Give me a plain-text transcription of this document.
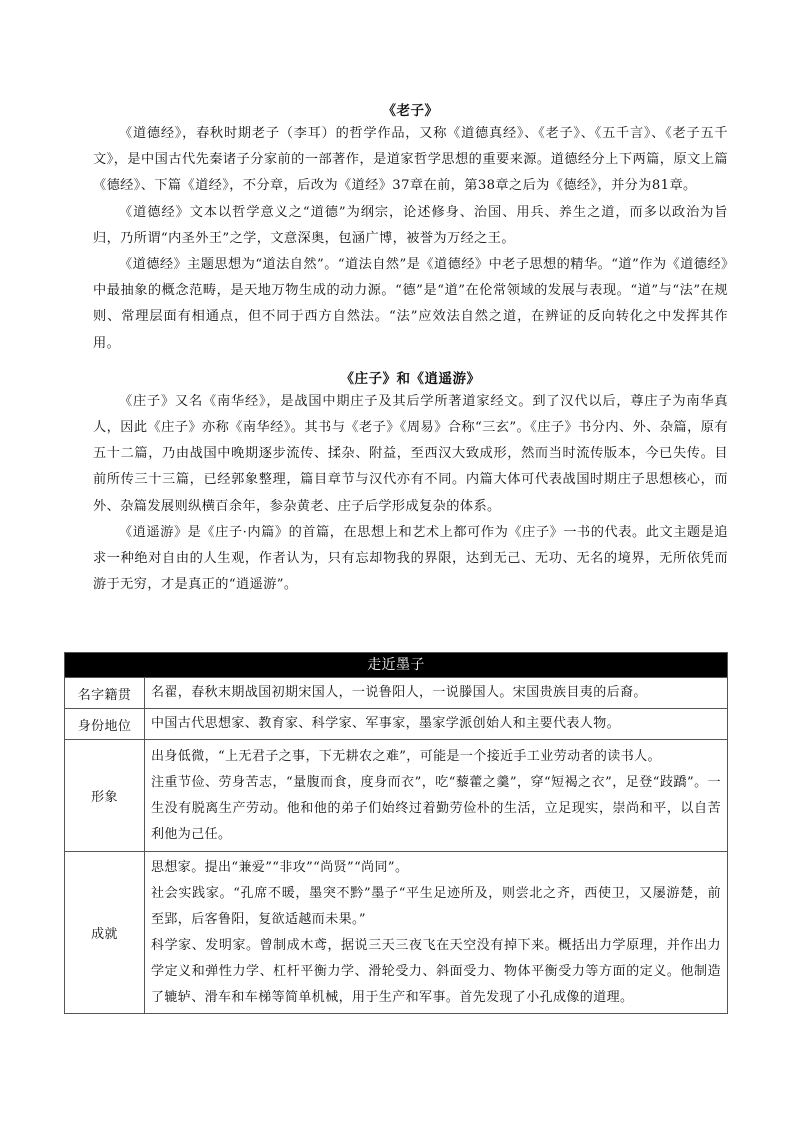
《老子》

《道德经》，春秋时期老子（李耳）的哲学作品，又称《道德真经》、《老子》、《五千言》、《老子五千文》，是中国古代先秦诸子分家前的一部著作，是道家哲学思想的重要来源。道德经分上下两篇，原文上篇《德经》、下篇《道经》，不分章，后改为《道经》37章在前，第38章之后为《德经》，并分为81章。

《道德经》文本以哲学意义之“道德”为纲宗，论述修身、治国、用兵、养生之道，而多以政治为旨归，乃所谓“内圣外王”之学，文意深奥，包涵广博，被誉为万经之王。

《道德经》主题思想为“道法自然”。“道法自然”是《道德经》中老子思想的精华。“道”作为《道德经》中最抽象的概念范畴，是天地万物生成的动力源。“德”是“道”在伦常领域的发展与表现。“道”与“法”在规则、常理层面有相通点，但不同于西方自然法。“法”应效法自然之道，在辨证的反向转化之中发挥其作用。

《庄子》和《逍遥游》

《庄子》又名《南华经》，是战国中期庄子及其后学所著道家经文。到了汉代以后，尊庄子为南华真人，因此《庄子》亦称《南华经》。其书与《老子》《周易》合称“三玄”。《庄子》书分内、外、杂篇，原有五十二篇，乃由战国中晚期逐步流传、揉杂、附益，至西汉大致成形，然而当时流传版本，今已失传。目前所传三十三篇，已经郭象整理，篇目章节与汉代亦有不同。内篇大体可代表战国时期庄子思想核心，而外、杂篇发展则纵横百余年，参杂黄老、庄子后学形成复杂的体系。

《逍遥游》是《庄子·内篇》的首篇，在思想上和艺术上都可作为《庄子》一书的代表。此文主题是追求一种绝对自由的人生观，作者认为，只有忘却物我的界限，达到无己、无功、无名的境界，无所依凭而游于无穷，才是真正的“逍遥游”。

走近墨子	
名字籍贯	名翟，春秋末期战国初期宋国人，一说鲁阳人，一说滕国人。宋国贵族目夷的后裔。

身份地位	中国古代思想家、教育家、科学家、军事家，墨家学派创始人和主要代表人物。

形象	出身低微，“上无君子之事，下无耕农之难”，可能是一个接近手工业劳动者的读书人。

注重节俭、劳身苦志，“量腹而食，度身而衣”，吃“藜藿之羹”，穿“短褐之衣”，足登“跂蹻”。一生没有脱离生产劳动。他和他的弟子们始终过着勤劳俭朴的生活，立足现实，崇尚和平，以自苦利他为己任。

成就	思想家。提出“兼爱”“非攻”“尚贤”“尚同”。

社会实践家。“孔席不暖，墨突不黔”墨子“平生足迹所及，则尝北之齐，西使卫，又屡游楚，前至郢，后客鲁阳，复欲适越而未果。”

科学家、发明家。曾制成木鸢，据说三天三夜飞在天空没有掉下来。概括出力学原理，并作出力学定义和弹性力学、杠杆平衡力学、滑轮受力、斜面受力、物体平衡受力等方面的定义。他制造了辘轳、滑车和车梯等简单机械，用于生产和军事。首先发现了小孔成像的道理。
